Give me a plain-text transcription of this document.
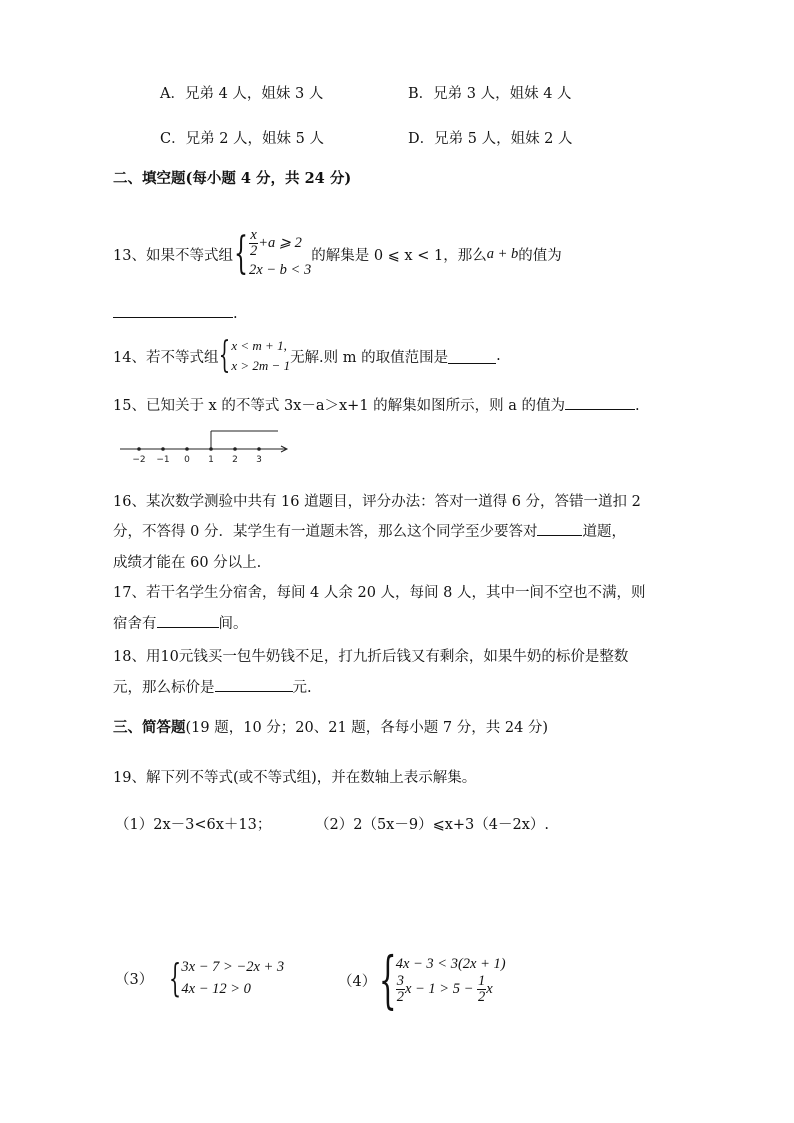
A．兄弟 4 人，姐妹 3 人	B．兄弟 3 人，姐妹 4 人
C．兄弟 2 人，姐妹 5 人	D．兄弟 5 人，姐妹 2 人
二、填空题(每小题 4 分，共 24 分)
13、如果不等式组 { $\frac{x}{2} +a$ ⩾ 2
2x − b < 3
的解集是 0 ⩽ x < 1，那么 a + b 的值为
.
14、若不等式组 { x < m + 1,
x > 2m − 1 无解.则 m 的取值范围是	.
15、已知关于 x 的不等式 3x－a＞x+1 的解集如图所示，则 a 的值为	.
−2 −1 0 1 2 3
16、某次数学测验中共有 16 道题目，评分办法：答对一道得 6 分，答错一道扣 2
分，不答得 0 分．某学生有一道题未答，那么这个同学至少要答对	道题，
成绩才能在 60 分以上.
17、若干名学生分宿舍，每间 4 人余 20 人，每间 8 人，其中一间不空也不满，则
宿舍有	间。
18、用10元钱买一包牛奶钱不足，打九折后钱又有剩余，如果牛奶的标价是整数
元，那么标价是	元.
三、简答题(19 题，10 分；20、21 题，各每小题 7 分，共 24 分)
19、解下列不等式(或不等式组)，并在数轴上表示解集。
（1）2x－3<6x＋13；	（2）2（5x－9）⩽x+3（4－2x）.
（3） { 3x − 7 > −2x + 3
4x − 12 > 0	（4） {
4x − 3 < 3(2x + 1)
$\frac{3}{2}$ $x - 1 > 5 - \frac{1}{2}$ x
